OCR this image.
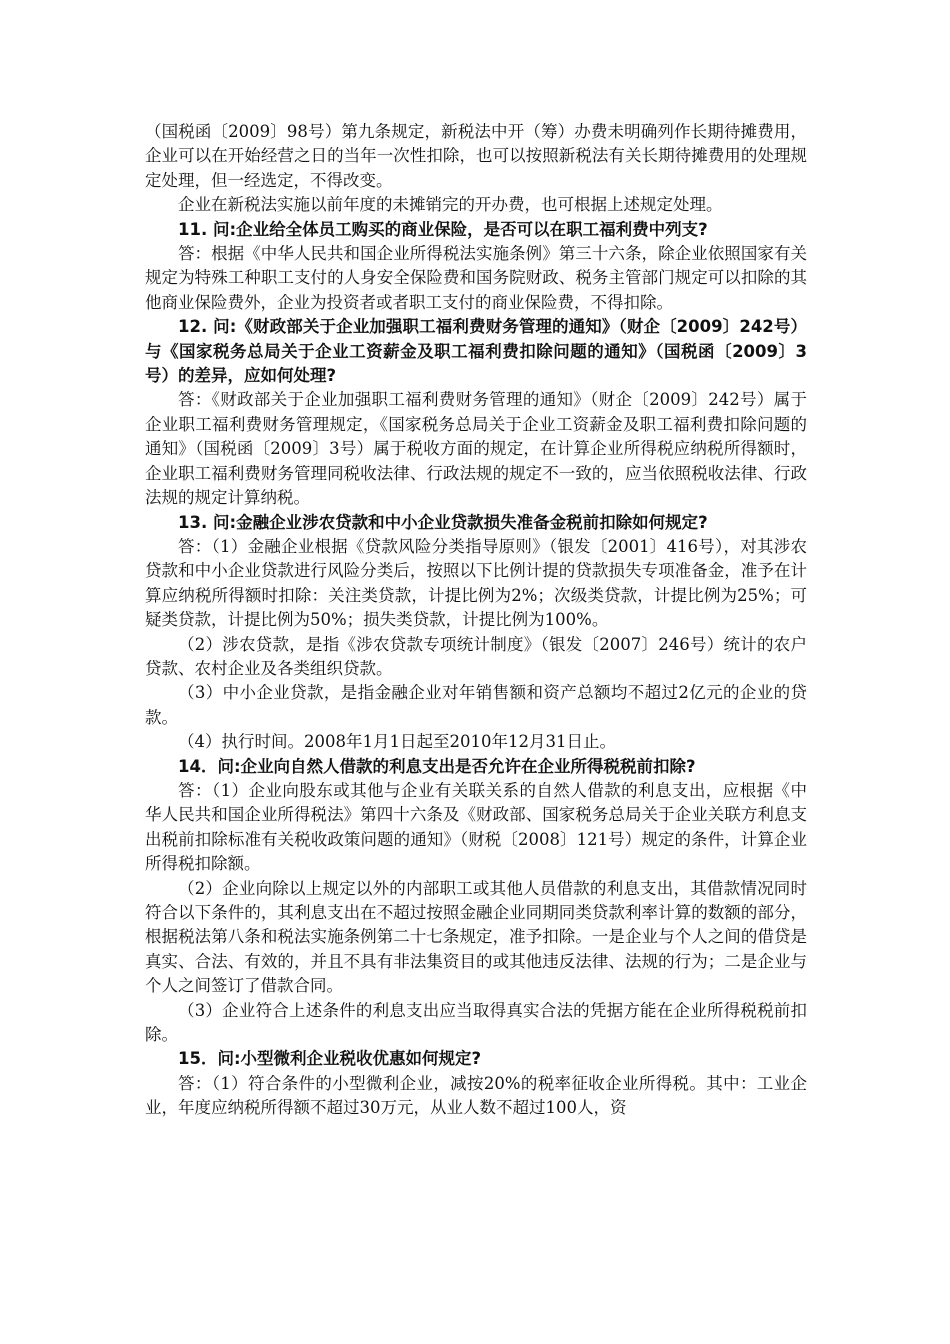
（国税函〔2009〕98号）第九条规定，新税法中开（筹）办费未明确列作长期待摊费用，企业可以在开始经营之日的当年一次性扣除，也可以按照新税法有关长期待摊费用的处理规定处理，但一经选定，不得改变。

企业在新税法实施以前年度的未摊销完的开办费，也可根据上述规定处理。

11. 问:企业给全体员工购买的商业保险，是否可以在职工福利费中列支?

答：根据《中华人民共和国企业所得税法实施条例》第三十六条，除企业依照国家有关规定为特殊工种职工支付的人身安全保险费和国务院财政、税务主管部门规定可以扣除的其他商业保险费外，企业为投资者或者职工支付的商业保险费，不得扣除。

12. 问:《财政部关于企业加强职工福利费财务管理的通知》（财企〔2009〕242号）与《国家税务总局关于企业工资薪金及职工福利费扣除问题的通知》（国税函〔2009〕3号）的差异，应如何处理?

答：《财政部关于企业加强职工福利费财务管理的通知》（财企〔2009〕242号）属于企业职工福利费财务管理规定，《国家税务总局关于企业工资薪金及职工福利费扣除问题的通知》（国税函〔2009〕3号）属于税收方面的规定，在计算企业所得税应纳税所得额时，企业职工福利费财务管理同税收法律、行政法规的规定不一致的，应当依照税收法律、行政法规的规定计算纳税。

13. 问:金融企业涉农贷款和中小企业贷款损失准备金税前扣除如何规定?

答：（1）金融企业根据《贷款风险分类指导原则》（银发〔2001〕416号），对其涉农贷款和中小企业贷款进行风险分类后，按照以下比例计提的贷款损失专项准备金，准予在计算应纳税所得额时扣除：关注类贷款，计提比例为2%；次级类贷款，计提比例为25%；可疑类贷款，计提比例为50%；损失类贷款，计提比例为100%。

（2）涉农贷款，是指《涉农贷款专项统计制度》（银发〔2007〕246号）统计的农户贷款、农村企业及各类组织贷款。

（3）中小企业贷款，是指金融企业对年销售额和资产总额均不超过2亿元的企业的贷款。

（4）执行时间。2008年1月1日起至2010年12月31日止。

14．问:企业向自然人借款的利息支出是否允许在企业所得税税前扣除?

答：（1）企业向股东或其他与企业有关联关系的自然人借款的利息支出，应根据《中华人民共和国企业所得税法》第四十六条及《财政部、国家税务总局关于企业关联方利息支出税前扣除标准有关税收政策问题的通知》（财税〔2008〕121号）规定的条件，计算企业所得税扣除额。

（2）企业向除以上规定以外的内部职工或其他人员借款的利息支出，其借款情况同时符合以下条件的，其利息支出在不超过按照金融企业同期同类贷款利率计算的数额的部分，根据税法第八条和税法实施条例第二十七条规定，准予扣除。一是企业与个人之间的借贷是真实、合法、有效的，并且不具有非法集资目的或其他违反法律、法规的行为；二是企业与个人之间签订了借款合同。

（3）企业符合上述条件的利息支出应当取得真实合法的凭据方能在企业所得税税前扣除。

15．问:小型微利企业税收优惠如何规定?

答：（1）符合条件的小型微利企业，减按20%的税率征收企业所得税。其中：工业企业，年度应纳税所得额不超过30万元，从业人数不超过100人，资
